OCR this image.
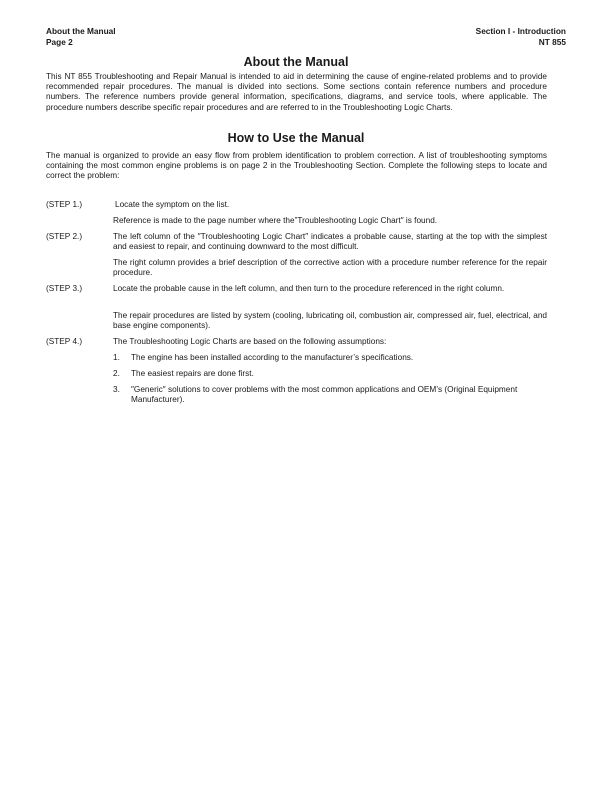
About the Manual
Page 2
Section I - Introduction
NT 855
About the Manual

This NT 855 Troubleshooting and Repair Manual is intended to aid in determining the cause of engine-related problems and to provide recommended repair procedures. The manual is divided into sections. Some sections contain reference numbers and procedure numbers. The reference numbers provide general information, specifications, diagrams, and service tools, where applicable. The procedure numbers describe specific repair procedures and are referred to in the Troubleshooting Logic Charts.

How to Use the Manual

The manual is organized to provide an easy flow from problem identification to problem correction. A list of troubleshooting symptoms containing the most common engine problems is on page 2 in the Troubleshooting Section. Complete the following steps to locate and correct the problem:

(STEP 1.)	Locate the symptom on the list.

Reference is made to the page number where the”Troubleshooting Logic Chart″ is found.

(STEP 2.)	The left column of the ″Troubleshooting Logic Chart″ indicates a probable cause, starting at the top with the simplest and easiest to repair, and continuing downward to the most difficult.

The right column provides a brief description of the corrective action with a procedure number reference for the repair procedure.

(STEP 3.)	Locate the probable cause in the left column, and then turn to the procedure referenced in the right column.

The repair procedures are listed by system (cooling, lubricating oil, combustion air, compressed air, fuel, electrical, and base engine components).

(STEP 4.)	The Troubleshooting Logic Charts are based on the following assumptions:

1. The engine has been installed according to the manufacturer’s specifications.

2. The easiest repairs are done first.

3. ″Generic″ solutions to cover problems with the most common applications and OEM’s (Original Equipment Manufacturer).
